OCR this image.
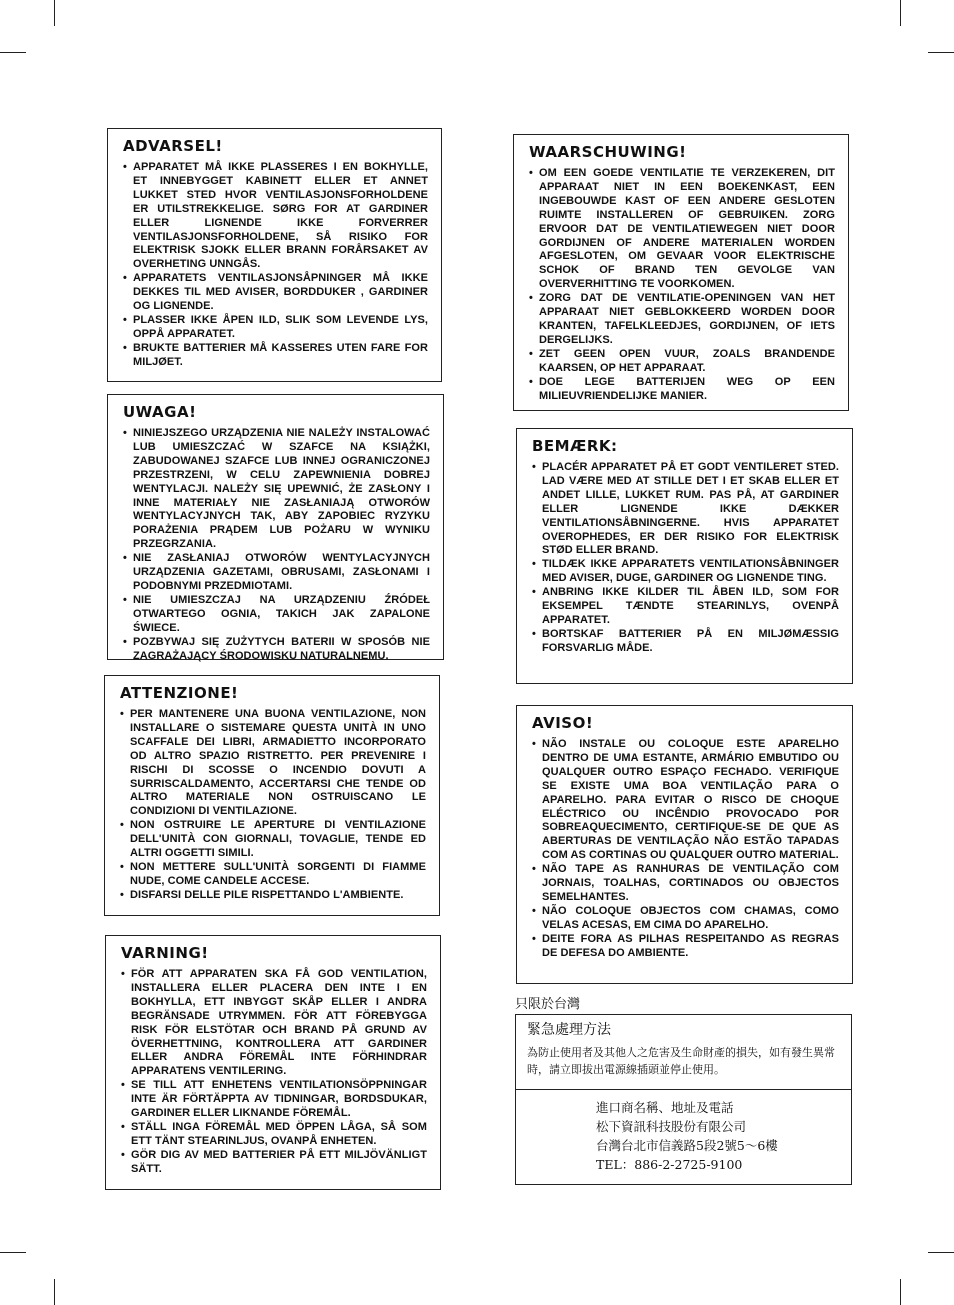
ADVARSEL!
• APPARATET MÅ IKKE PLASSERES I EN BOKHYLLE, ET INNEBYGGET KABINETT ELLER ET ANNET LUKKET STED HVOR VENTILASJONSFORHOLDENE ER UTILSTREKKELIGE. SØRG FOR AT GARDINER ELLER LIGNENDE IKKE FORVERRER VENTILASJONSFORHOLDENE, SÅ RISIKO FOR ELEKTRISK SJOKK ELLER BRANN FORÅRSAKET AV OVERHETING UNNGÅS.
• APPARATETS VENTILASJONSÅPNINGER MÅ IKKE DEKKES TIL MED AVISER, BORDDUKER , GARDINER OG LIGNENDE.
• PLASSER IKKE ÅPEN ILD, SLIK SOM LEVENDE LYS, OPPÅ APPARATET.
• BRUKTE BATTERIER MÅ KASSERES UTEN FARE FOR MILJØET.
UWAGA!
• NINIEJSZEGO URZĄDZENIA NIE NALEŻY INSTALOWAĆ LUB UMIESZCZAĆ W SZAFCE NA KSIĄŻKI, ZABUDOWANEJ SZAFCE LUB INNEJ OGRANICZONEJ PRZESTRZENI, W CELU ZAPEWNIENIA DOBREJ WENTYLACJI. NALEŻY SIĘ UPEWNIĆ, ŻE ZASŁONY I INNE MATERIAŁY NIE ZASŁANIAJĄ OTWORÓW WENTYLACYJNYCH TAK, ABY ZAPOBIEC RYZYKU PORAŻENIA PRĄDEM LUB POŻARU W WYNIKU PRZEGRZANIA.
• NIE ZASŁANIAJ OTWORÓW WENTYLACYJNYCH URZĄDZENIA GAZETAMI, OBRUSAMI, ZASŁONAMI I PODOBNYMI PRZEDMIOTAMI.
• NIE UMIESZCZAJ NA URZĄDZENIU ŹRÓDEŁ OTWARTEGO OGNIA, TAKICH JAK ZAPALONE ŚWIECE.
• POZBYWAJ SIĘ ZUŻYTYCH BATERII W SPOSÓB NIE ZAGRAŻAJĄCY ŚRODOWISKU NATURALNEMU.
ATTENZIONE!
• PER MANTENERE UNA BUONA VENTILAZIONE, NON INSTALLARE O SISTEMARE QUESTA UNITÀ IN UNO SCAFFALE DEI LIBRI, ARMADIETTO INCORPORATO OD ALTRO SPAZIO RISTRETTO. PER PREVENIRE I RISCHI DI SCOSSE O INCENDIO DOVUTI A SURRISCALDAMENTO, ACCERTARSI CHE TENDE OD ALTRO MATERIALE NON OSTRUISCANO LE CONDIZIONI DI VENTILAZIONE.
• NON OSTRUIRE LE APERTURE DI VENTILAZIONE DELL'UNITÀ CON GIORNALI, TOVAGLIE, TENDE ED ALTRI OGGETTI SIMILI.
• NON METTERE SULL'UNITÀ SORGENTI DI FIAMME NUDE, COME CANDELE ACCESE.
• DISFARSI DELLE PILE RISPETTANDO L'AMBIENTE.
VARNING!
• FÖR ATT APPARATEN SKA FÅ GOD VENTILATION, INSTALLERA ELLER PLACERA DEN INTE I EN BOKHYLLA, ETT INBYGGT SKÅP ELLER I ANDRA BEGRÄNSADE UTRYMMEN. FÖR ATT FÖREBYGGA RISK FÖR ELSTÖTAR OCH BRAND PÅ GRUND AV ÖVERHETTNING, KONTROLLERA ATT GARDINER ELLER ANDRA FÖREMÅL INTE FÖRHINDRAR APPARATENS VENTILERING.
• SE TILL ATT ENHETENS VENTILATIONSÖPPNINGAR INTE ÄR FÖRTÄPPTA AV TIDNINGAR, BORDSDUKAR, GARDINER ELLER LIKNANDE FÖREMÅL.
• STÄLL INGA FÖREMÅL MED ÖPPEN LÅGA, SÅ SOM ETT TÄNT STEARINLJUS, OVANPÅ ENHETEN.
• GÖR DIG AV MED BATTERIER PÅ ETT MILJÖVÄNLIGT SÄTT.
WAARSCHUWING!
• OM EEN GOEDE VENTILATIE TE VERZEKEREN, DIT APPARAAT NIET IN EEN BOEKENKAST, EEN INGEBOUWDE KAST OF EEN ANDERE GESLOTEN RUIMTE INSTALLEREN OF GEBRUIKEN. ZORG ERVOOR DAT DE VENTILATIEWEGEN NIET DOOR GORDIJNEN OF ANDERE MATERIALEN WORDEN AFGESLOTEN, OM GEVAAR VOOR ELEKTRISCHE SCHOK OF BRAND TEN GEVOLGE VAN OVERVERHITTING TE VOORKOMEN.
• ZORG DAT DE VENTILATIE-OPENINGEN VAN HET APPARAAT NIET GEBLOKKEERD WORDEN DOOR KRANTEN, TAFELKLEEDJES, GORDIJNEN, OF IETS DERGELIJKS.
• ZET GEEN OPEN VUUR, ZOALS BRANDENDE KAARSEN, OP HET APPARAAT.
• DOE LEGE BATTERIJEN WEG OP EEN MILIEUVRIENDELIJKE MANIER.
BEMÆRK:
• PLACÉR APPARATET PÅ ET GODT VENTILERET STED. LAD VÆRE MED AT STILLE DET I ET SKAB ELLER ET ANDET LILLE, LUKKET RUM. PAS PÅ, AT GARDINER ELLER LIGNENDE IKKE DÆKKER VENTILATIONSÅBNINGERNE. HVIS APPARATET OVEROPHEDES, ER DER RISIKO FOR ELEKTRISK STØD ELLER BRAND.
• TILDÆK IKKE APPARATETS VENTILATIONSÅBNINGER MED AVISER, DUGE, GARDINER OG LIGNENDE TING.
• ANBRING IKKE KILDER TIL ÅBEN ILD, SOM FOR EKSEMPEL TÆNDTE STEARINLYS, OVENPÅ APPARATET.
• BORTSKAF BATTERIER PÅ EN MILJØMÆSSIG FORSVARLIG MÅDE.
AVISO!
• NÃO INSTALE OU COLOQUE ESTE APARELHO DENTRO DE UMA ESTANTE, ARMÁRIO EMBUTIDO OU QUALQUER OUTRO ESPAÇO FECHADO. VERIFIQUE SE EXISTE UMA BOA VENTILAÇÃO PARA O APARELHO. PARA EVITAR O RISCO DE CHOQUE ELÉCTRICO OU INCÊNDIO PROVOCADO POR SOBREAQUECIMENTO, CERTIFIQUE-SE DE QUE AS ABERTURAS DE VENTILAÇÃO NÃO ESTÃO TAPADAS COM AS CORTINAS OU QUALQUER OUTRO MATERIAL.
• NÃO TAPE AS RANHURAS DE VENTILAÇÃO COM JORNAIS, TOALHAS, CORTINADOS OU OBJECTOS SEMELHANTES.
• NÃO COLOQUE OBJECTOS COM CHAMAS, COMO VELAS ACESAS, EM CIMA DO APARELHO.
• DEITE FORA AS PILHAS RESPEITANDO AS REGRAS DE DEFESA DO AMBIENTE.
只限於台灣
緊急處理方法
為防止使用者及其他人之危害及生命財產的損失，如有發生異常時，請立即拔出電源線插頭並停止使用。
進口商名稱、地址及電話
松下資訊科技股份有限公司
台灣台北市信義路5段2號5～6樓
TEL：886-2-2725-9100
